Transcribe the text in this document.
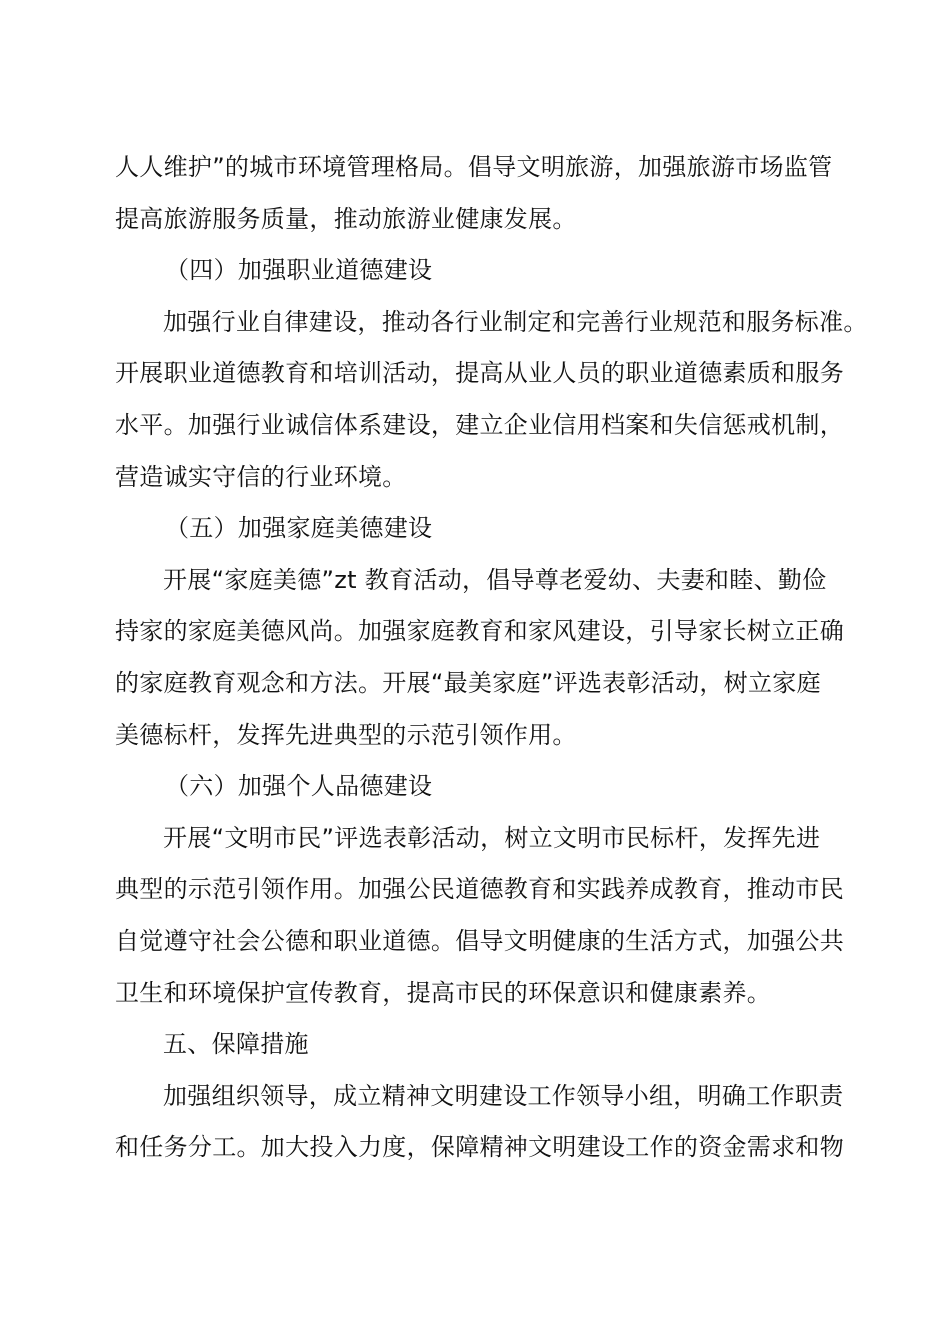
人人维护”的城市环境管理格局。倡导文明旅游，加强旅游市场监管
提高旅游服务质量，推动旅游业健康发展。
（四）加强职业道德建设
加强行业自律建设，推动各行业制定和完善行业规范和服务标准。
开展职业道德教育和培训活动，提高从业人员的职业道德素质和服务
水平。加强行业诚信体系建设，建立企业信用档案和失信惩戒机制，
营造诚实守信的行业环境。
（五）加强家庭美德建设
开展“家庭美德”zt 教育活动，倡导尊老爱幼、夫妻和睦、勤俭
持家的家庭美德风尚。加强家庭教育和家风建设，引导家长树立正确
的家庭教育观念和方法。开展“最美家庭”评选表彰活动，树立家庭
美德标杆，发挥先进典型的示范引领作用。
（六）加强个人品德建设
开展“文明市民”评选表彰活动，树立文明市民标杆，发挥先进
典型的示范引领作用。加强公民道德教育和实践养成教育，推动市民
自觉遵守社会公德和职业道德。倡导文明健康的生活方式，加强公共
卫生和环境保护宣传教育，提高市民的环保意识和健康素养。
五、保障措施
加强组织领导，成立精神文明建设工作领导小组，明确工作职责
和任务分工。加大投入力度，保障精神文明建设工作的资金需求和物
